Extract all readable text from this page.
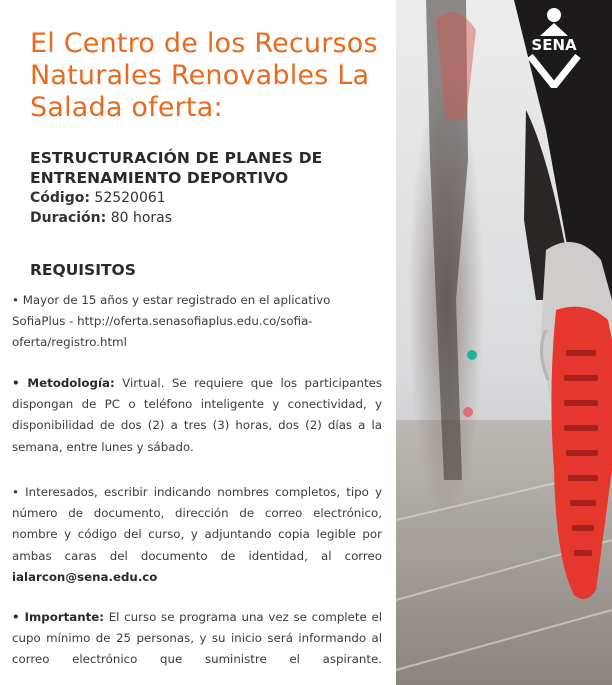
El Centro de los Recursos Naturales Renovables La Salada oferta:

ESTRUCTURACIÓN DE PLANES DE ENTRENAMIENTO DEPORTIVO

Código: 52520061

Duración: 80 horas

REQUISITOS

• Mayor de 15 años y estar registrado en el aplicativo SofiaPlus - http://oferta.senasofiaplus.edu.co/sofia-oferta/registro.html

• Metodología: Virtual. Se requiere que los participantes dispongan de PC o teléfono inteligente y conectividad, y disponibilidad de dos (2) a tres (3) horas, dos (2) días a la semana, entre lunes y sábado.

• Interesados, escribir indicando nombres completos, tipo y número de documento, dirección de correo electrónico, nombre y código del curso, y adjuntando copia legible por ambas caras del documento de identidad, al correo ialarcon@sena.edu.co

• Importante: El curso se programa una vez se complete el cupo mínimo de 25 personas, y su inicio será informando al correo electrónico que suministre el aspirante.

SENA
